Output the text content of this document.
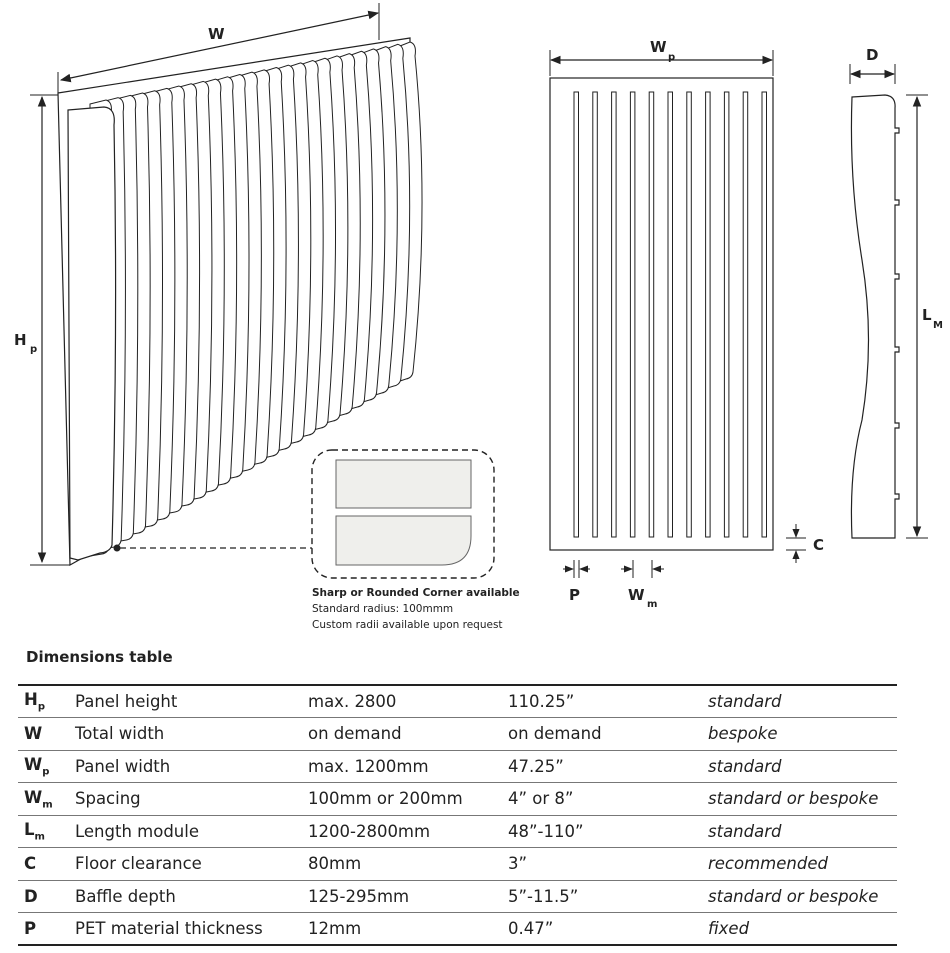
W
H
p
W
p
P	W
m
C
D
L
M
Sharp or Rounded Corner available
Standard radius: 100mmm
Custom radii available upon request
Dimensions table
$H_p$	Panel height	max. 2800	110.25”	standard
W	Total width	on demand	on demand	bespoke
$W_p$	Panel width	max. 1200mm	47.25”	standard
$W_m$	Spacing	100mm or 200mm	4” or 8”	standard or bespoke
$L_m$	Length module	1200-2800mm	48”-110”	standard
C	Floor clearance	80mm	3”	recommended
D	Baffle depth	125-295mm	5”-11.5”	standard or bespoke
P	PET material thickness	12mm	0.47”	fixed
